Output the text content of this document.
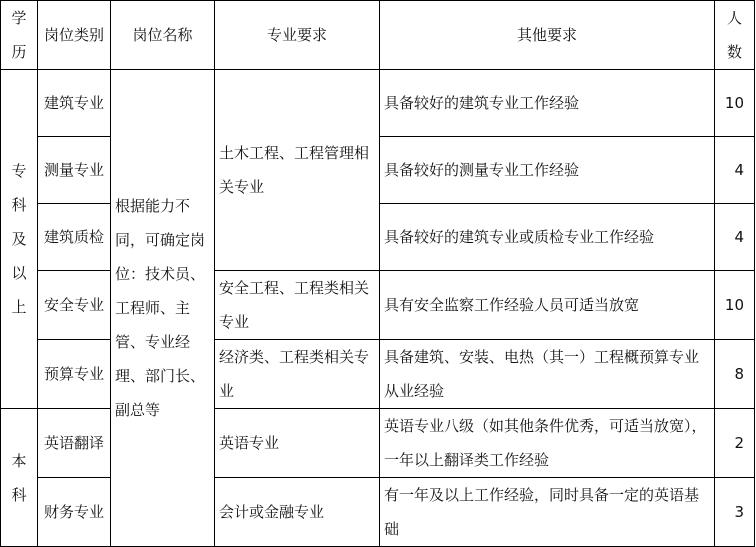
学历	岗位类别	岗位名称	专业要求	其他要求	人数
专科及以上	建筑专业	根据能力不同，可确定岗位：技术员、工程师、主管、专业经理、部门长、副总等	土木工程、工程管理相关专业	具备较好的建筑专业工作经验	10
	测量专业			具备较好的测量专业工作经验	4
	建筑质检			具备较好的建筑专业或质检专业工作经验	4
	安全专业		安全工程、工程类相关专业	具有安全监察工作经验人员可适当放宽	10
	预算专业		经济类、工程类相关专业	具备建筑、安装、电热（其一）工程概预算专业从业经验	8
本科	英语翻译		英语专业	英语专业八级（如其他条件优秀，可适当放宽），一年以上翻译类工作经验	2
	财务专业		会计或金融专业	有一年及以上工作经验，同时具备一定的英语基础	3
